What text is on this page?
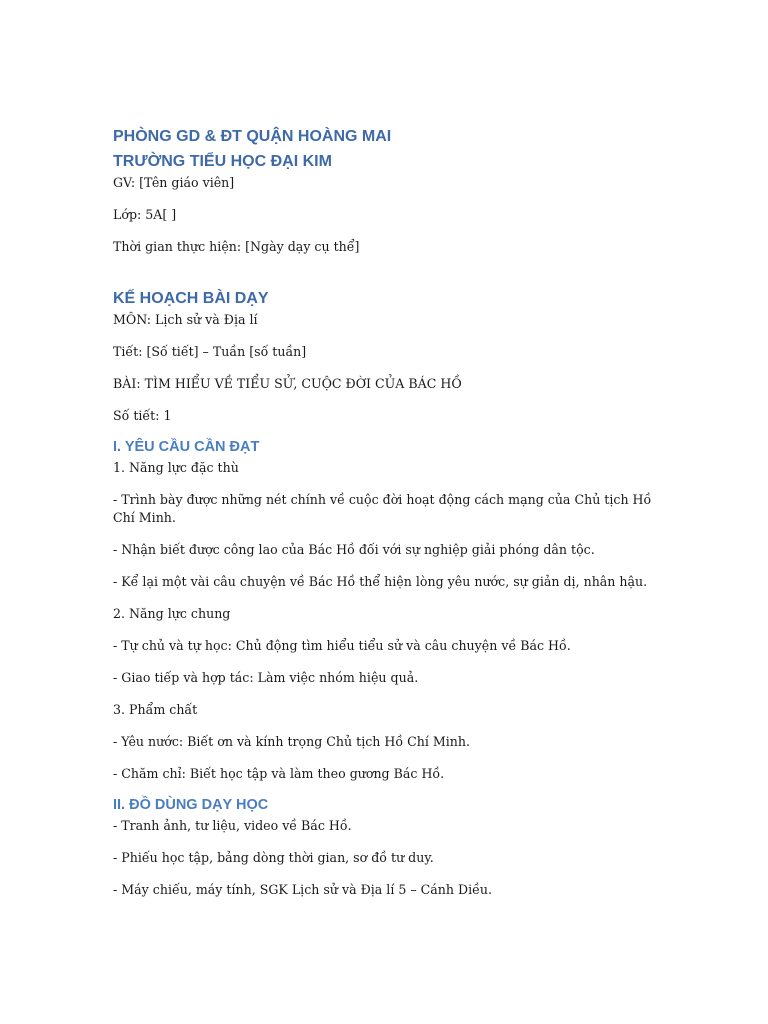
PHÒNG GD & ĐT QUẬN HOÀNG MAI
TRƯỜNG TIỂU HỌC ĐẠI KIM

GV: [Tên giáo viên]

Lớp: 5A[ ]

Thời gian thực hiện: [Ngày dạy cụ thể]

KẾ HOẠCH BÀI DẠY

MÔN: Lịch sử và Địa lí

Tiết: [Số tiết] – Tuần [số tuần]

BÀI: TÌM HIỂU VỀ TIỂU SỬ, CUỘC ĐỜI CỦA BÁC HỒ

Số tiết: 1

I. YÊU CẦU CẦN ĐẠT

1. Năng lực đặc thù

- Trình bày được những nét chính về cuộc đời hoạt động cách mạng của Chủ tịch Hồ Chí Minh.

- Nhận biết được công lao của Bác Hồ đối với sự nghiệp giải phóng dân tộc.

- Kể lại một vài câu chuyện về Bác Hồ thể hiện lòng yêu nước, sự giản dị, nhân hậu.

2. Năng lực chung

- Tự chủ và tự học: Chủ động tìm hiểu tiểu sử và câu chuyện về Bác Hồ.

- Giao tiếp và hợp tác: Làm việc nhóm hiệu quả.

3. Phẩm chất

- Yêu nước: Biết ơn và kính trọng Chủ tịch Hồ Chí Minh.

- Chăm chỉ: Biết học tập và làm theo gương Bác Hồ.

II. ĐỒ DÙNG DẠY HỌC

- Tranh ảnh, tư liệu, video về Bác Hồ.

- Phiếu học tập, bảng dòng thời gian, sơ đồ tư duy.

- Máy chiếu, máy tính, SGK Lịch sử và Địa lí 5 – Cánh Diều.
